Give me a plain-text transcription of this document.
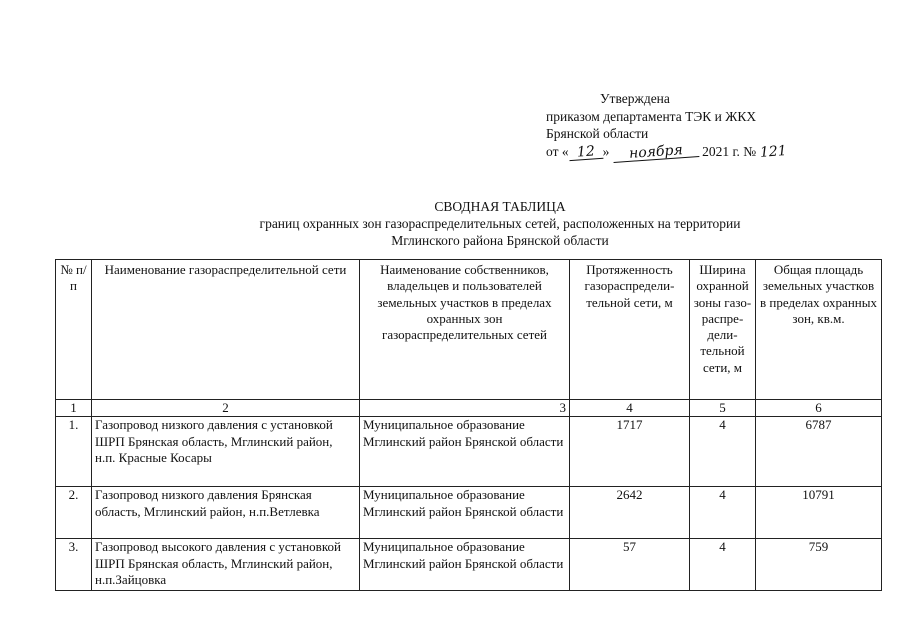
Утверждена
приказом департамента ТЭК и ЖКХ
Брянской области
от « 12 » ноября 2021 г. № 121
СВОДНАЯ ТАБЛИЦА
границ охранных зон газораспределительных сетей, расположенных на территории
Мглинского района Брянской области
№ п/п	Наименование газораспределительной сети	Наименование собственников, владельцев и пользователей земельных участков в пределах охранных зон газораспределительных сетей	Протяженность газораспредели-тельной сети, м	Ширина охранной зоны газо-распре-дели-тельной сети, м	Общая площадь земельных участков в пределах охранных зон, кв.м.
1	2	3	4	5	6
1.	Газопровод низкого давления с установкой ШРП Брянская область, Мглинский район, н.п. Красные Косары	Муниципальное образование Мглинский район Брянской области	1717	4	6787
2.	Газопровод низкого давления Брянская область, Мглинский район, н.п.Ветлевка	Муниципальное образование Мглинский район Брянской области	2642	4	10791
3.	Газопровод высокого давления с установкой ШРП Брянская область, Мглинский район, н.п.Зайцовка	Муниципальное образование Мглинский район Брянской области	57	4	759
